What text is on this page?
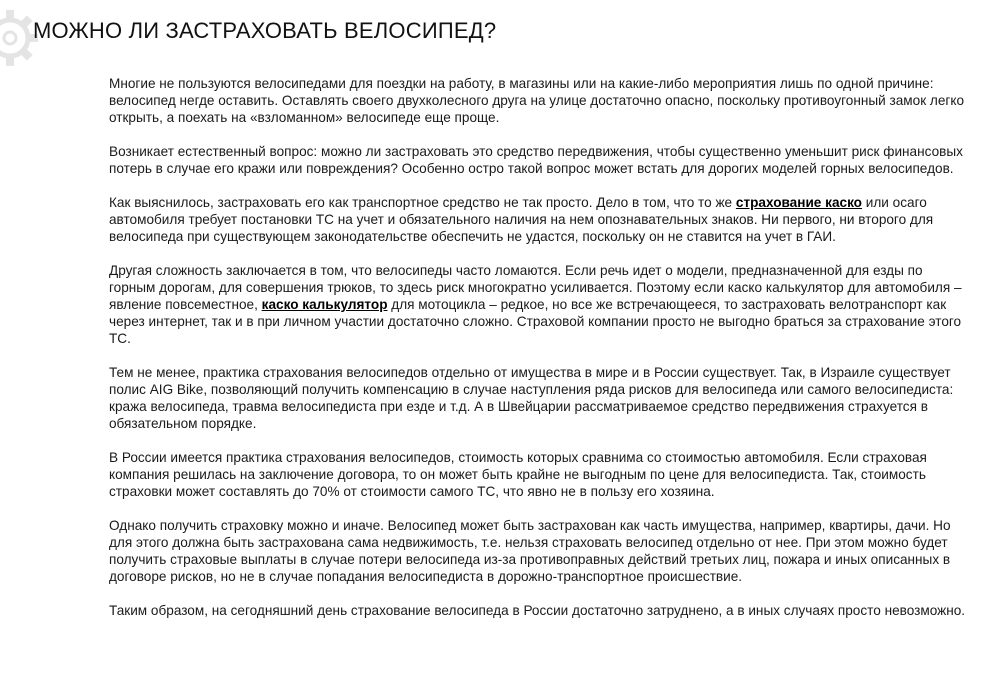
МОЖНО ЛИ ЗАСТРАХОВАТЬ ВЕЛОСИПЕД?

Многие не пользуются велосипедами для поездки на работу, в магазины или на какие-либо мероприятия лишь по одной причине: велосипед негде оставить. Оставлять своего двухколесного друга на улице достаточно опасно, поскольку противоугонный замок легко открыть, а поехать на «взломанном» велосипеде еще проще.

Возникает естественный вопрос: можно ли застраховать это средство передвижения, чтобы существенно уменьшит риск финансовых потерь в случае его кражи или повреждения? Особенно остро такой вопрос может встать для дорогих моделей горных велосипедов.

Как выяснилось, застраховать его как транспортное средство не так просто. Дело в том, что то же страхование каско или осаго автомобиля требует постановки ТС на учет и обязательного наличия на нем опознавательных знаков. Ни первого, ни второго для велосипеда при существующем законодательстве обеспечить не удастся, поскольку он не ставится на учет в ГАИ.

Другая сложность заключается в том, что велосипеды часто ломаются. Если речь идет о модели, предназначенной для езды по горным дорогам, для совершения трюков, то здесь риск многократно усиливается. Поэтому если каско калькулятор для автомобиля – явление повсеместное, каско калькулятор для мотоцикла – редкое, но все же встречающееся, то застраховать велотранспорт как через интернет, так и в при личном участии достаточно сложно. Страховой компании просто не выгодно браться за страхование этого ТС.

Тем не менее, практика страхования велосипедов отдельно от имущества в мире и в России существует. Так, в Израиле существует полис AIG Bike, позволяющий получить компенсацию в случае наступления ряда рисков для велосипеда или самого велосипедиста: кража велосипеда, травма велосипедиста при езде и т.д. А в Швейцарии рассматриваемое средство передвижения страхуется в обязательном порядке.

В России имеется практика страхования велосипедов, стоимость которых сравнима со стоимостью автомобиля. Если страховая компания решилась на заключение договора, то он может быть крайне не выгодным по цене для велосипедиста. Так, стоимость страховки может составлять до 70% от стоимости самого ТС, что явно не в пользу его хозяина.

Однако получить страховку можно и иначе. Велосипед может быть застрахован как часть имущества, например, квартиры, дачи. Но для этого должна быть застрахована сама недвижимость, т.е. нельзя страховать велосипед отдельно от нее. При этом можно будет получить страховые выплаты в случае потери велосипеда из-за противоправных действий третьих лиц, пожара и иных описанных в договоре рисков, но не в случае попадания велосипедиста в дорожно-транспортное происшествие.

Таким образом, на сегодняшний день страхование велосипеда в России достаточно затруднено, а в иных случаях просто невозможно.
